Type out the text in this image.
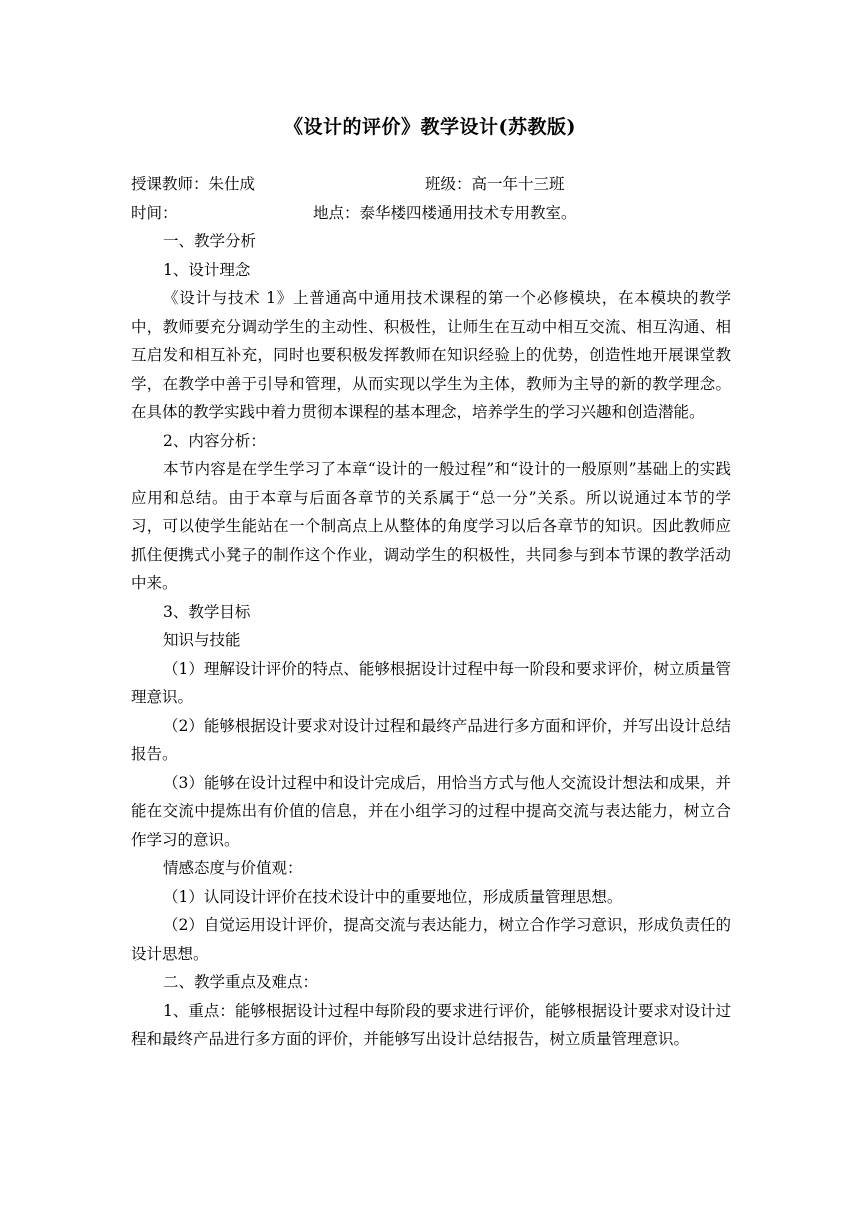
《设计的评价》教学设计(苏教版)
授课教师：朱仕成	班级：高一年十三班
时间：	地点：泰华楼四楼通用技术专用教室。

一、教学分析

1、设计理念

《设计与技术 1》上普通高中通用技术课程的第一个必修模块，在本模块的教学中，教师要充分调动学生的主动性、积极性，让师生在互动中相互交流、相互沟通、相互启发和相互补充，同时也要积极发挥教师在知识经验上的优势，创造性地开展课堂教学，在教学中善于引导和管理，从而实现以学生为主体，教师为主导的新的教学理念。在具体的教学实践中着力贯彻本课程的基本理念，培养学生的学习兴趣和创造潜能。

2、内容分析：

本节内容是在学生学习了本章“设计的一般过程”和“设计的一般原则”基础上的实践应用和总结。由于本章与后面各章节的关系属于“总一分”关系。所以说通过本节的学习，可以使学生能站在一个制高点上从整体的角度学习以后各章节的知识。因此教师应抓住便携式小凳子的制作这个作业，调动学生的积极性，共同参与到本节课的教学活动中来。

3、教学目标

知识与技能

（1）理解设计评价的特点、能够根据设计过程中每一阶段和要求评价，树立质量管理意识。

（2）能够根据设计要求对设计过程和最终产品进行多方面和评价，并写出设计总结报告。

（3）能够在设计过程中和设计完成后，用恰当方式与他人交流设计想法和成果，并能在交流中提炼出有价值的信息，并在小组学习的过程中提高交流与表达能力，树立合作学习的意识。

情感态度与价值观：

（1）认同设计评价在技术设计中的重要地位，形成质量管理思想。

（2）自觉运用设计评价，提高交流与表达能力，树立合作学习意识，形成负责任的设计思想。

二、教学重点及难点：

1、重点：能够根据设计过程中每阶段的要求进行评价，能够根据设计要求对设计过程和最终产品进行多方面的评价，并能够写出设计总结报告，树立质量管理意识。
